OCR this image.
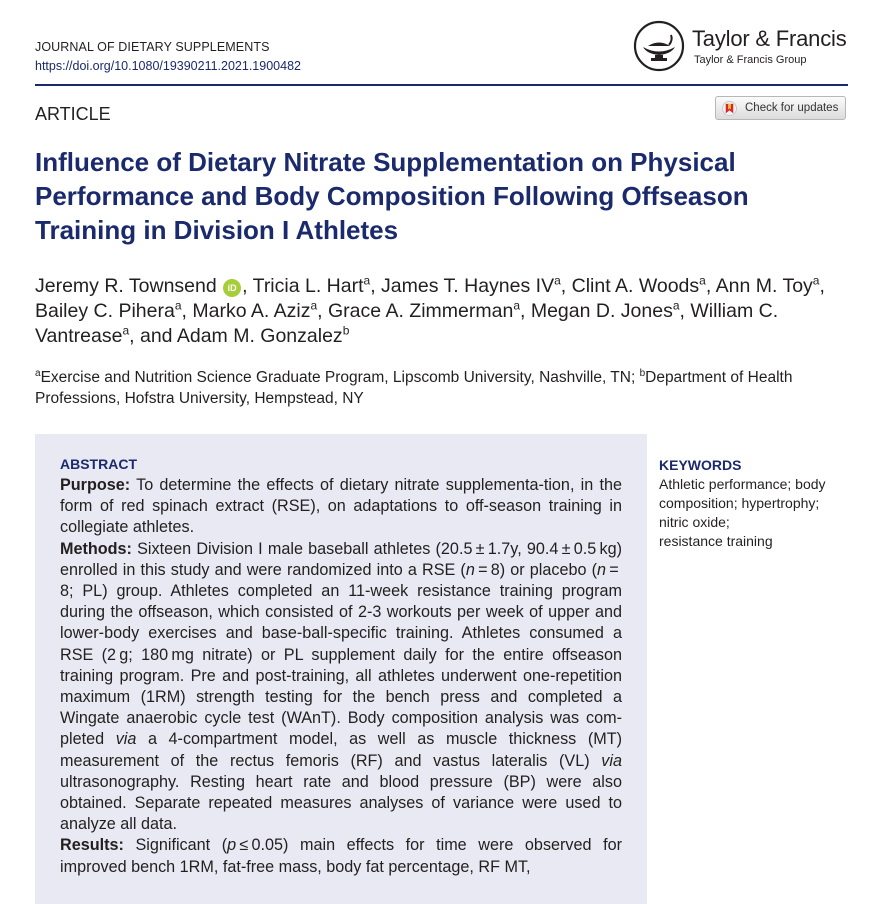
JOURNAL OF DIETARY SUPPLEMENTS
https://doi.org/10.1080/19390211.2021.1900482
Taylor & Francis
Taylor & Francis Group
ARTICLE	Check for updates
Influence of Dietary Nitrate Supplementation on Physical Performance and Body Composition Following Offseason Training in Division I Athletes

Jeremy R. Townsend iD , Tricia L. Hart$^a$, James T. Haynes $IV^a$, Clint A. Woods$^a$, Ann M. Toy$^a$, Bailey C. Pihera$^a$, Marko A. Aziz$^a$, Grace A. Zimmerman$^a$, Megan D. Jones$^a$, William C. Vantrease$^a$, and Adam M. Gonzalez$^b$

$^a$Exercise and Nutrition Science Graduate Program, Lipscomb University, Nashville, TN; $^b$Department of Health Professions, Hofstra University, Hempstead, NY

ABSTRACT

Purpose: To determine the effects of dietary nitrate supplementa-tion, in the form of red spinach extract (RSE), on adaptations to off-season training in collegiate athletes.
Methods: Sixteen Division I male baseball athletes (20.5 ± 1.7y, 90.4 ± 0.5 kg) enrolled in this study and were randomized into a RSE (n = 8) or placebo (n = 8; PL) group. Athletes completed an 11-week resistance training program during the offseason, which consisted of 2-3 workouts per week of upper and lower-body exercises and base-ball-specific training. Athletes consumed a RSE (2 g; 180 mg nitrate) or PL supplement daily for the entire offseason training program. Pre and post-training, all athletes underwent one-repetition maximum (1RM) strength testing for the bench press and completed a Wingate anaerobic cycle test (WAnT). Body composition analysis was com-pleted via a 4-compartment model, as well as muscle thickness (MT) measurement of the rectus femoris (RF) and vastus lateralis (VL) via ultrasonography. Resting heart rate and blood pressure (BP) were also obtained. Separate repeated measures analyses of variance were used to analyze all data.
Results: Significant (p ≤ 0.05) main effects for time were observed for improved bench 1RM, fat-free mass, body fat percentage, RF MT,

KEYWORDS
Athletic performance; body
composition; hypertrophy;
nitric oxide;
resistance training
